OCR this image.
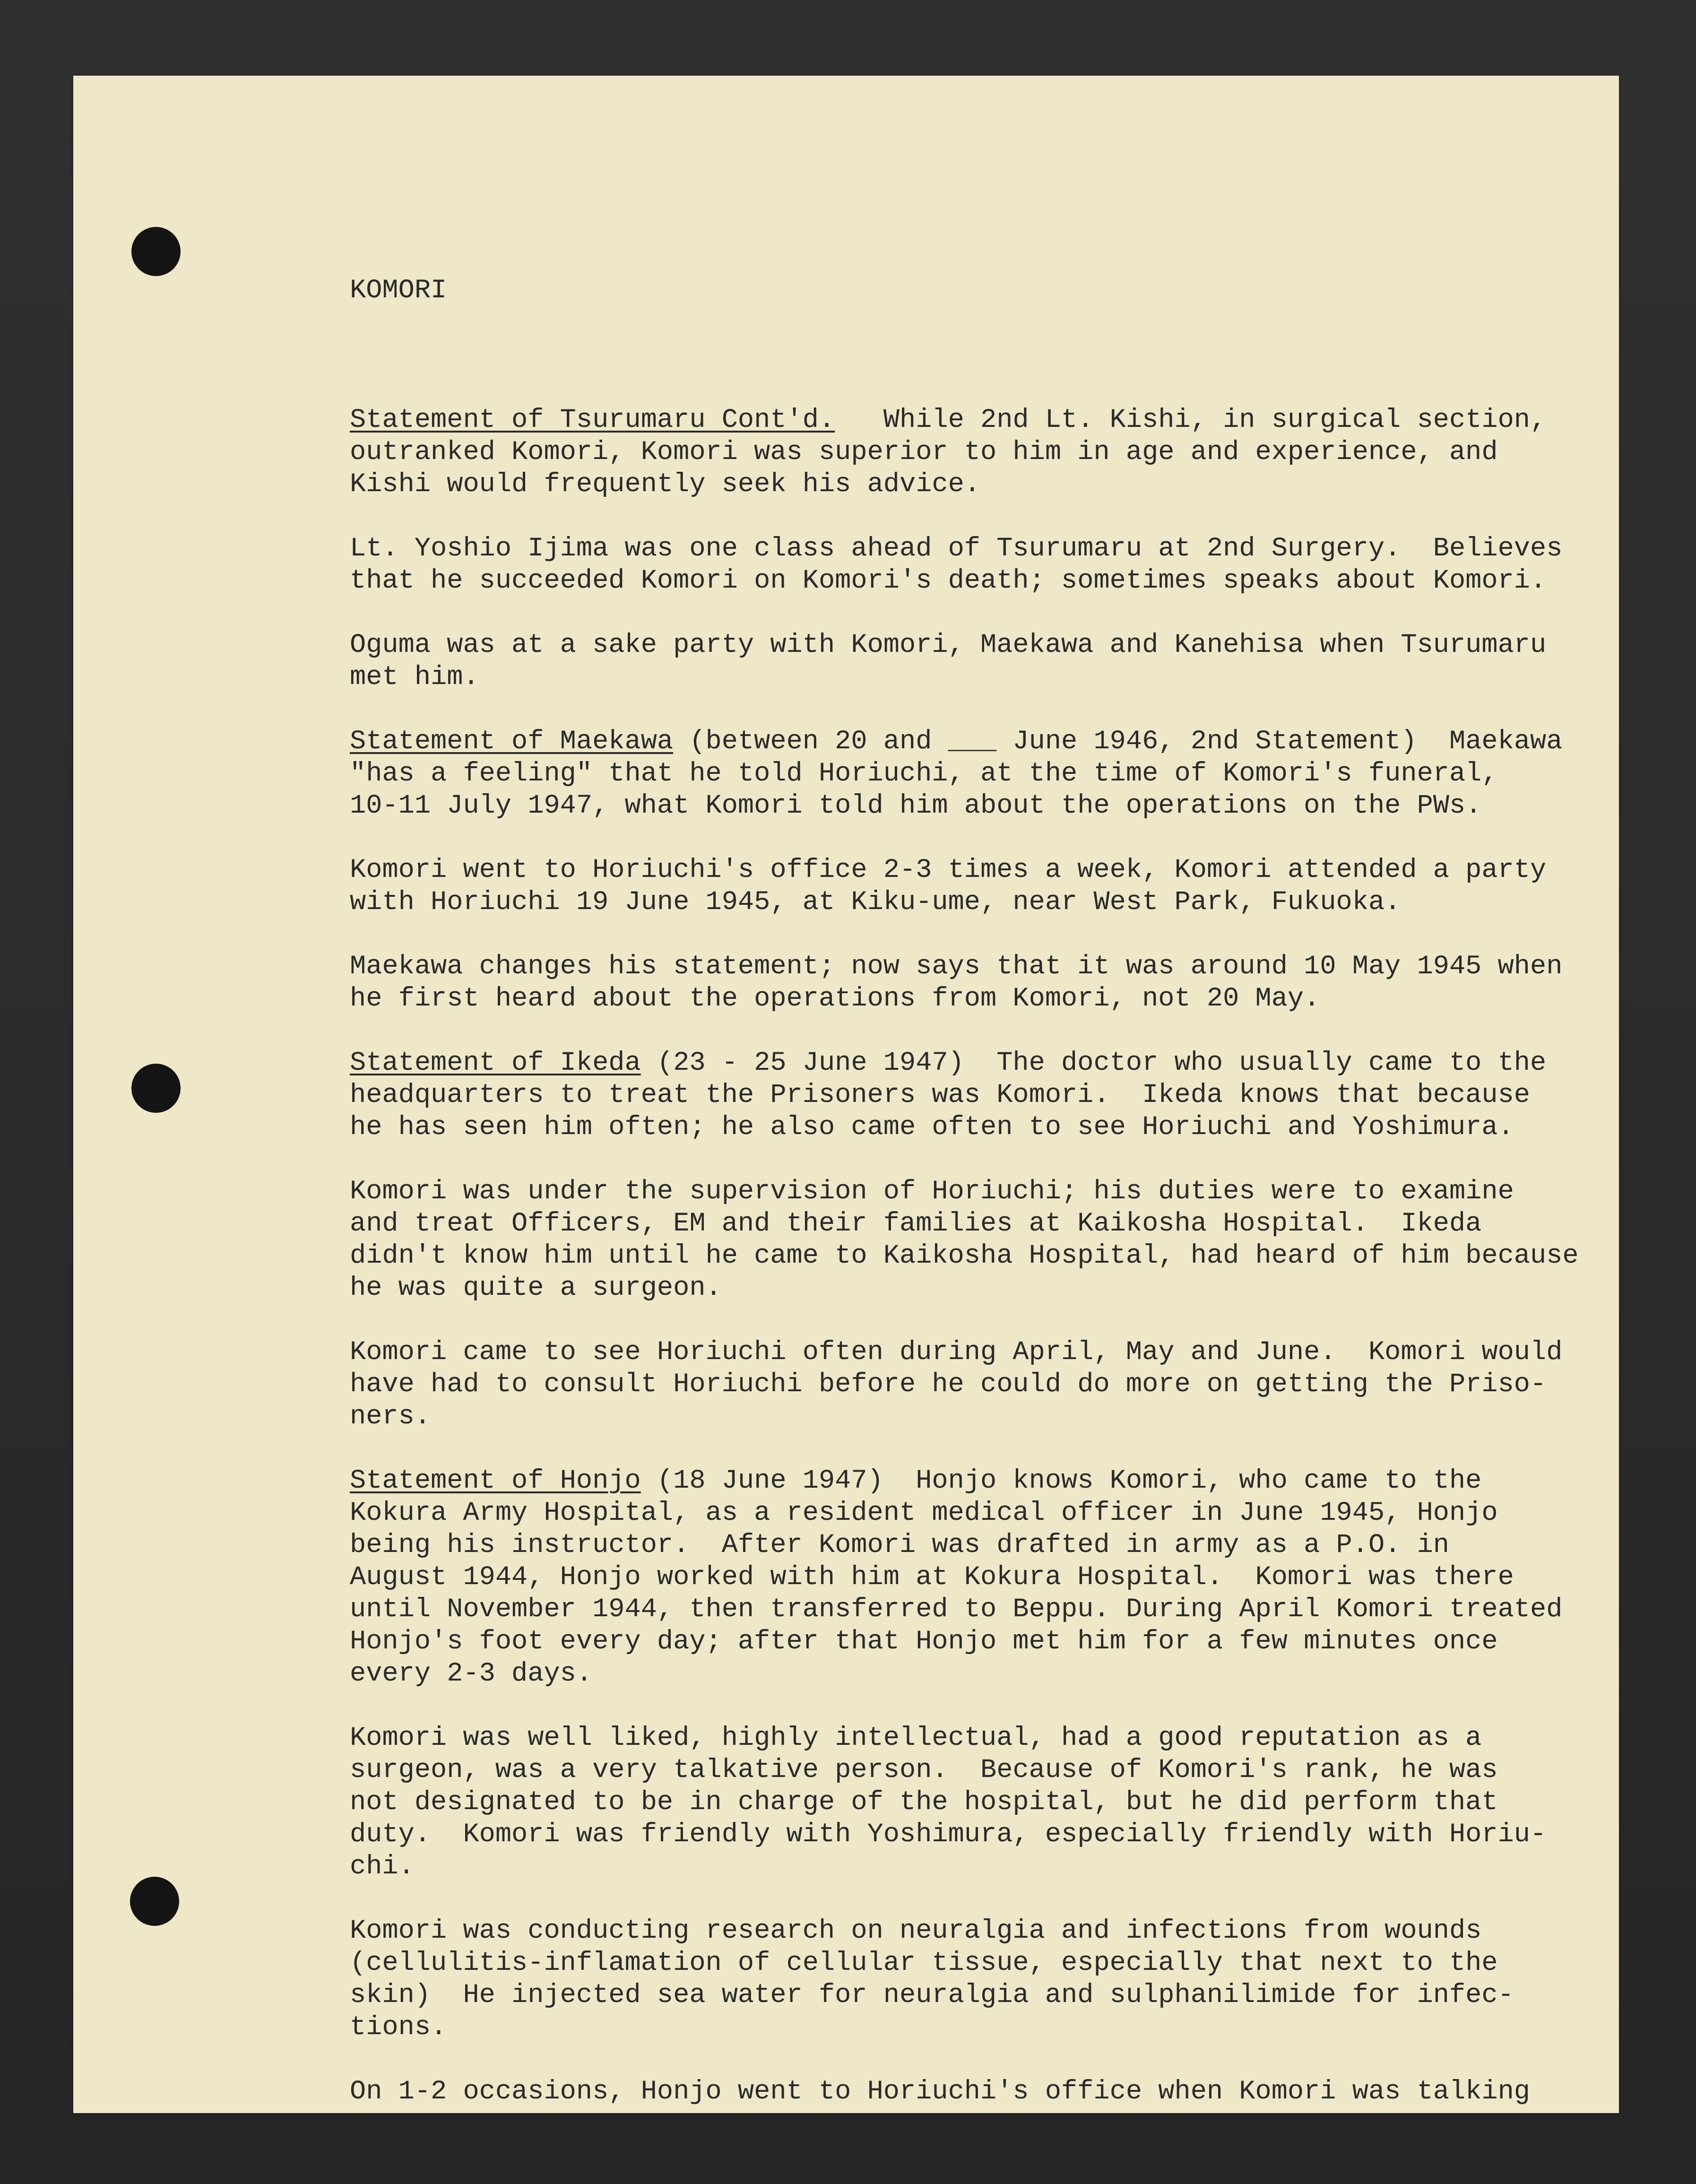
KOMORI

Statement of Tsurumaru Cont'd.   While 2nd Lt. Kishi, in surgical section,
outranked Komori, Komori was superior to him in age and experience, and
Kishi would frequently seek his advice.
Lt. Yoshio Ijima was one class ahead of Tsurumaru at 2nd Surgery.  Believes
that he succeeded Komori on Komori's death; sometimes speaks about Komori.
Oguma was at a sake party with Komori, Maekawa and Kanehisa when Tsurumaru
met him.
Statement of Maekawa (between 20 and ___ June 1946, 2nd Statement)  Maekawa
"has a feeling" that he told Horiuchi, at the time of Komori's funeral,
10-11 July 1947, what Komori told him about the operations on the PWs.
Komori went to Horiuchi's office 2-3 times a week, Komori attended a party
with Horiuchi 19 June 1945, at Kiku-ume, near West Park, Fukuoka.
Maekawa changes his statement; now says that it was around 10 May 1945 when
he first heard about the operations from Komori, not 20 May.
Statement of Ikeda (23 - 25 June 1947)  The doctor who usually came to the
headquarters to treat the Prisoners was Komori.  Ikeda knows that because
he has seen him often; he also came often to see Horiuchi and Yoshimura.
Komori was under the supervision of Horiuchi; his duties were to examine
and treat Officers, EM and their families at Kaikosha Hospital.  Ikeda
didn't know him until he came to Kaikosha Hospital, had heard of him because
he was quite a surgeon.
Komori came to see Horiuchi often during April, May and June.  Komori would
have had to consult Horiuchi before he could do more on getting the Priso-
ners.
Statement of Honjo (18 June 1947)  Honjo knows Komori, who came to the
Kokura Army Hospital, as a resident medical officer in June 1945, Honjo
being his instructor.  After Komori was drafted in army as a P.O. in
August 1944, Honjo worked with him at Kokura Hospital.  Komori was there
until November 1944, then transferred to Beppu. During April Komori treated
Honjo's foot every day; after that Honjo met him for a few minutes once
every 2-3 days.
Komori was well liked, highly intellectual, had a good reputation as a
surgeon, was a very talkative person.  Because of Komori's rank, he was
not designated to be in charge of the hospital, but he did perform that
duty.  Komori was friendly with Yoshimura, especially friendly with Horiu-
chi.
Komori was conducting research on neuralgia and infections from wounds
(cellulitis-inflamation of cellular tissue, especially that next to the
skin)  He injected sea water for neuralgia and sulphanilimide for infec-
tions.
On 1-2 occasions, Honjo went to Horiuchi's office when Komori was talking
